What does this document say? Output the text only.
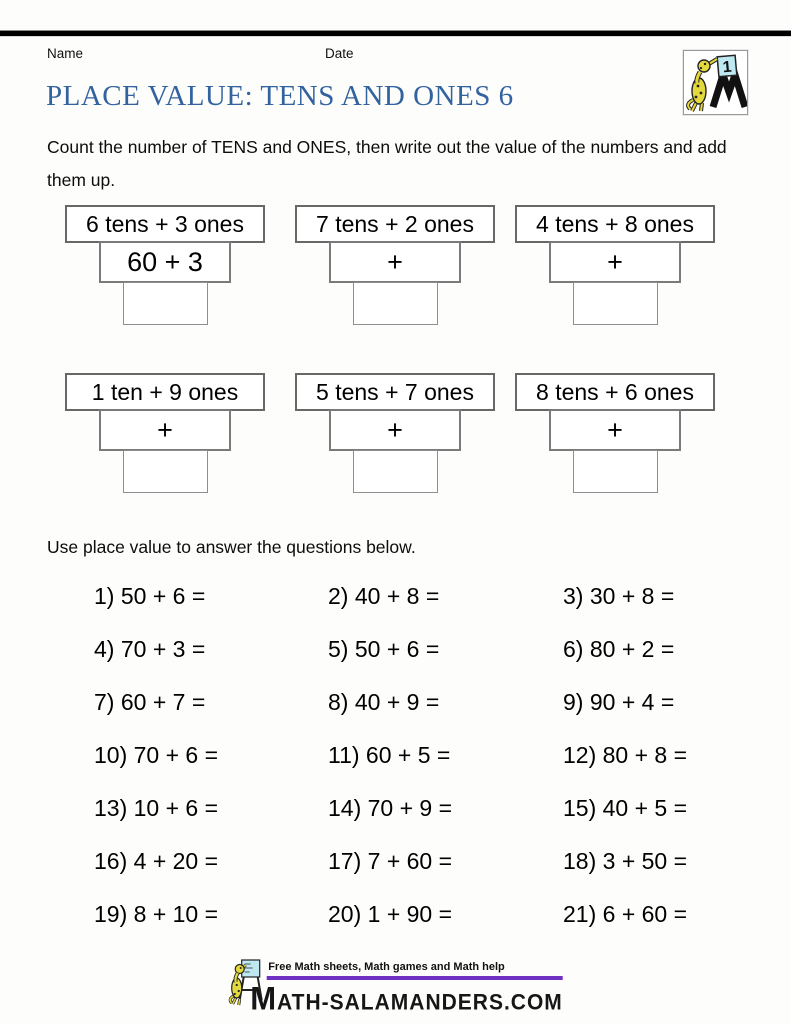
Name	Date
1
PLACE VALUE: TENS AND ONES 6

Count the number of TENS and ONES, then write out the value of the numbers and add them up.

6 tens + 3 ones
60 + 3
7 tens + 2 ones
+
4 tens + 8 ones
+
1 ten + 9 ones
+
5 tens + 7 ones
+
8 tens + 6 ones
+

Use place value to answer the questions below.

1) 50 + 6 =	2) 40 + 8 =	3) 30 + 8 =
4) 70 + 3 =	5) 50 + 6 =	6) 80 + 2 =
7) 60 + 7 =	8) 40 + 9 =	9) 90 + 4 =
10) 70 + 6 =	11) 60 + 5 =	12) 80 + 8 =
13) 10 + 6 =	14) 70 + 9 =	15) 40 + 5 =
16) 4 + 20 =	17) 7 + 60 =	18) 3 + 50 =
19) 8 + 10 =	20) 1 + 90 =	21) 6 + 60 =
Free Math sheets, Math games and Math help
MATH-SALAMANDERS.COM
